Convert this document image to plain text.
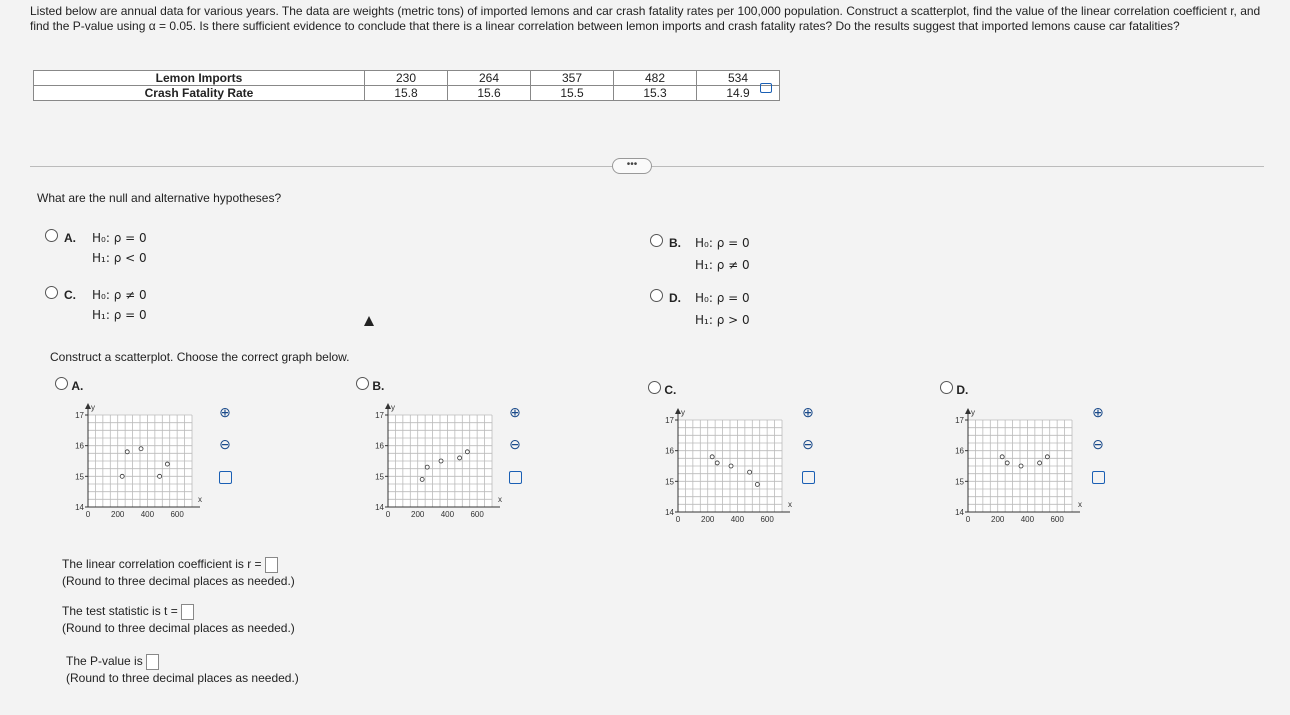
Listed below are annual data for various years. The data are weights (metric tons) of imported lemons and car crash fatality rates per 100,000 population. Construct a scatterplot, find the value of the linear correlation coefficient r, and find the P-value using α = 0.05. Is there sufficient evidence to conclude that there is a linear correlation between lemon imports and crash fatality rates? Do the results suggest that imported lemons cause car fatalities?
Lemon Imports	230	264	357	482	534
Crash Fatality Rate	15.8	15.6	15.5	15.3	14.9
•••
What are the null and alternative hypotheses?
A.	H₀: ρ = 0
H₁: ρ < 0
C.	H₀: ρ ≠ 0
H₁: ρ = 0
B.	H₀: ρ = 0
H₁: ρ ≠ 0
D.	H₀: ρ = 0
H₁: ρ > 0
Construct a scatterplot. Choose the correct graph below.
A.	B.	C.	D.
0	200 400 600
14
15
16
17
x
y
0	200 400 600
14
15
16
17
x
y
0	200 400 600
14
15
16
17
x
y
0	200 400 600
14
15
16
17
x
y
⊕
⊖
⊕
⊖
⊕
⊖
⊕
⊖
The linear correlation coefficient is r =
(Round to three decimal places as needed.)
The test statistic is t =
(Round to three decimal places as needed.)
The P-value is
(Round to three decimal places as needed.)
